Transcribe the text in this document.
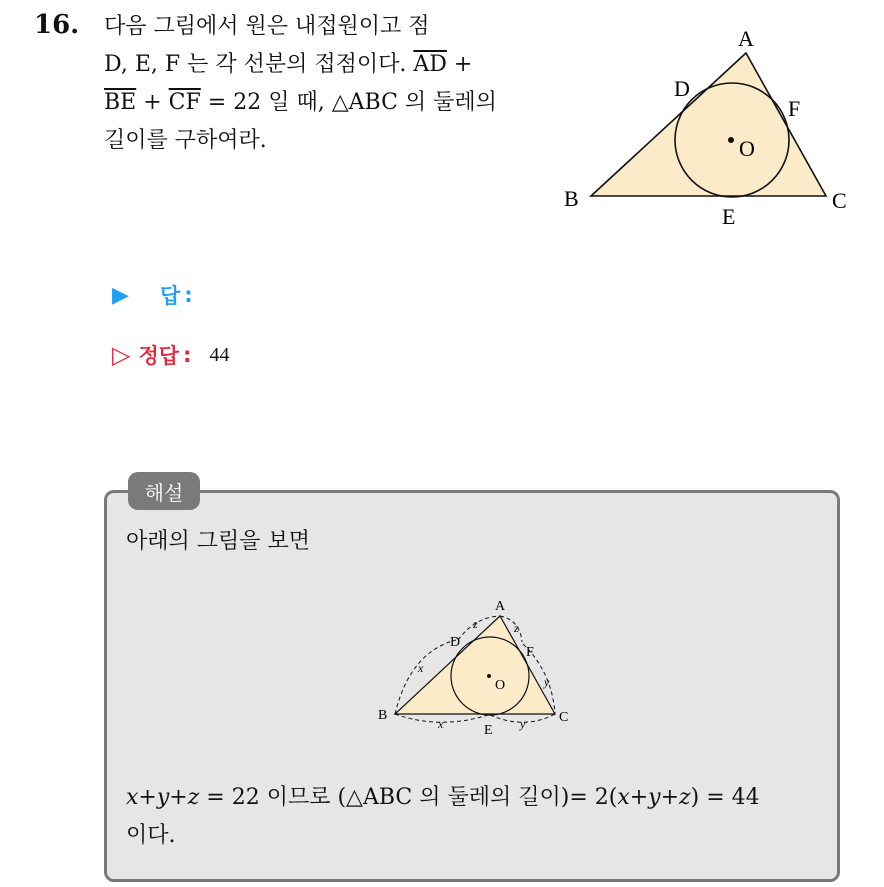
16. 다음 그림에서 원은 내접원이고 점
D, E, F 는 각 선분의 접점이다. $\overline{AD}$ +
$\overline{BE} + \overline{CF} = 22$ 일 때, △ABC 의 둘레의
길이를 구하여라.
A
B	C
D
E
F
O
▶	답 :
▷ 정답 : 44
해설
아래의 그림을 보면
A
B	C
D
E
F
O
x
x
y
y
z	z
x+y+z = 22 이므로 (△ABC 의 둘레의 길이)= 2(x+y+z) = 44
이다.
